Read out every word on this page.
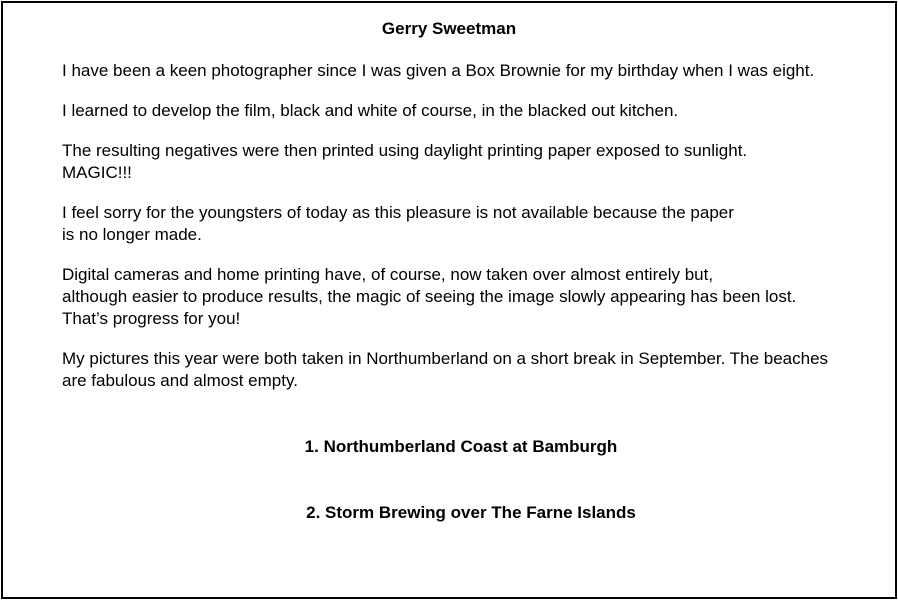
Gerry Sweetman

I have been a keen photographer since I was given a Box Brownie for my birthday when I was eight.

I learned to develop the film, black and white of course, in the blacked out kitchen.

The resulting negatives were then printed using daylight printing paper exposed to sunlight.
MAGIC!!!

I feel sorry for the youngsters of today as this pleasure is not available because the paper
is no longer made.

Digital cameras and home printing have, of course, now taken over almost entirely but,
although easier to produce results, the magic of seeing the image slowly appearing has been lost.
That’s progress for you!

My pictures this year were both taken in Northumberland on a short break in September. The beaches
are fabulous and almost empty.

1. Northumberland Coast at Bamburgh
2. Storm Brewing over The Farne Islands
